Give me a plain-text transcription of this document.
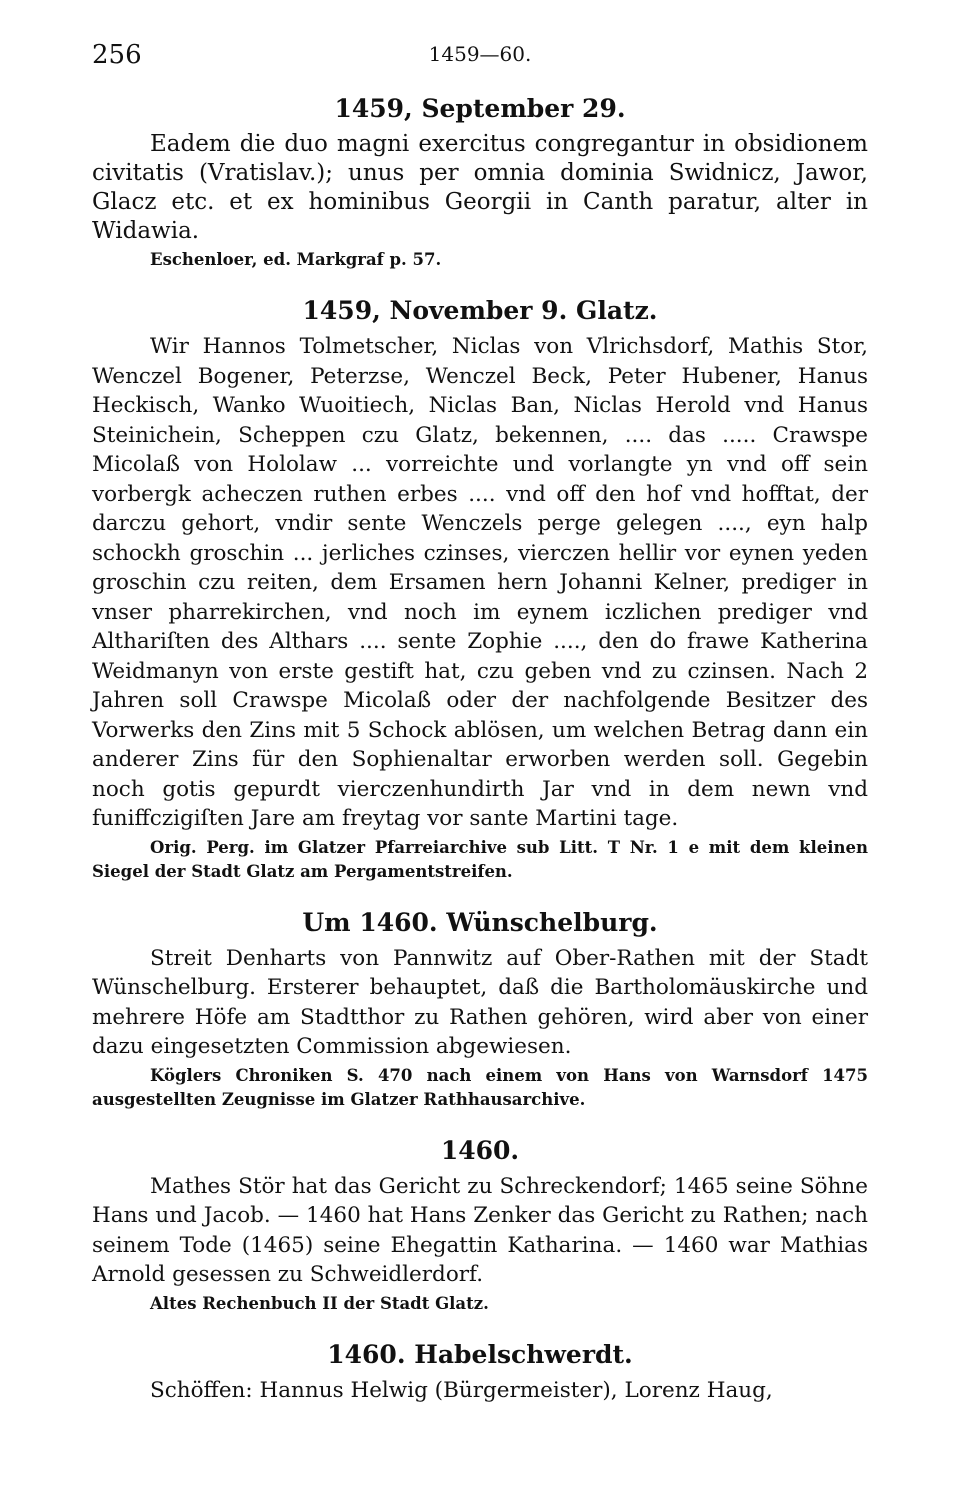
256	1459—60.
1459, September 29.

Eadem die duo magni exercitus congregantur in obsidionem civitatis (Vratislav.); unus per omnia dominia Swidnicz, Jawor, Glacz etc. et ex hominibus Georgii in Canth paratur, alter in Widawia.

Eschenloer, ed. Markgraf p. 57.

1459, November 9. Glatz.

Wir Hannos Tolmetscher, Niclas von Vlrichsdorf, Mathis Stor, Wenczel Bogener, Peterzse, Wenczel Beck, Peter Hubener, Hanus Heckisch, Wanko Wuoitiech, Niclas Ban, Niclas Herold vnd Hanus Steinichein, Scheppen czu Glatz, bekennen, .... das ..... Crawspe Micolaß von Hololaw ... vorreichte und vorlangte yn vnd off sein vorbergk acheczen ruthen erbes .... vnd off den hof vnd hofftat, der darczu gehort, vndir sente Wenczels perge gelegen ...., eyn halp schockh groschin ... jerliches czinses, vierczen hellir vor eynen yeden groschin czu reiten, dem Ersamen hern Johanni Kelner, prediger in vnser pharrekirchen, vnd noch im eynem iczlichen prediger vnd Althariſten des Althars .... sente Zophie ...., den do frawe Katherina Weidmanyn von erste gestift hat, czu geben vnd zu czinsen. Nach 2 Jahren soll Crawspe Micolaß oder der nachfolgende Besitzer des Vorwerks den Zins mit 5 Schock ablösen, um welchen Betrag dann ein anderer Zins für den Sophienaltar erworben werden soll. Gegebin noch gotis gepurdt vierczenhundirth Jar vnd in dem newn vnd funiffczigiſten Jare am freytag vor sante Martini tage.

Orig. Perg. im Glatzer Pfarreiarchive sub Litt. T Nr. 1 e mit dem kleinen Siegel der Stadt Glatz am Pergamentstreifen.

Um 1460. Wünschelburg.

Streit Denharts von Pannwitz auf Ober-Rathen mit der Stadt Wünschelburg. Ersterer behauptet, daß die Bartholomäuskirche und mehrere Höfe am Stadtthor zu Rathen gehören, wird aber von einer dazu eingesetzten Commission abgewiesen.

Köglers Chroniken S. 470 nach einem von Hans von Warnsdorf 1475 ausgestellten Zeugnisse im Glatzer Rathhausarchive.

1460.

Mathes Stör hat das Gericht zu Schreckendorf; 1465 seine Söhne Hans und Jacob. — 1460 hat Hans Zenker das Gericht zu Rathen; nach seinem Tode (1465) seine Ehegattin Katharina. — 1460 war Mathias Arnold gesessen zu Schweidlerdorf.

Altes Rechenbuch II der Stadt Glatz.

1460. Habelschwerdt.

Schöffen: Hannus Helwig (Bürgermeister), Lorenz Haug,
